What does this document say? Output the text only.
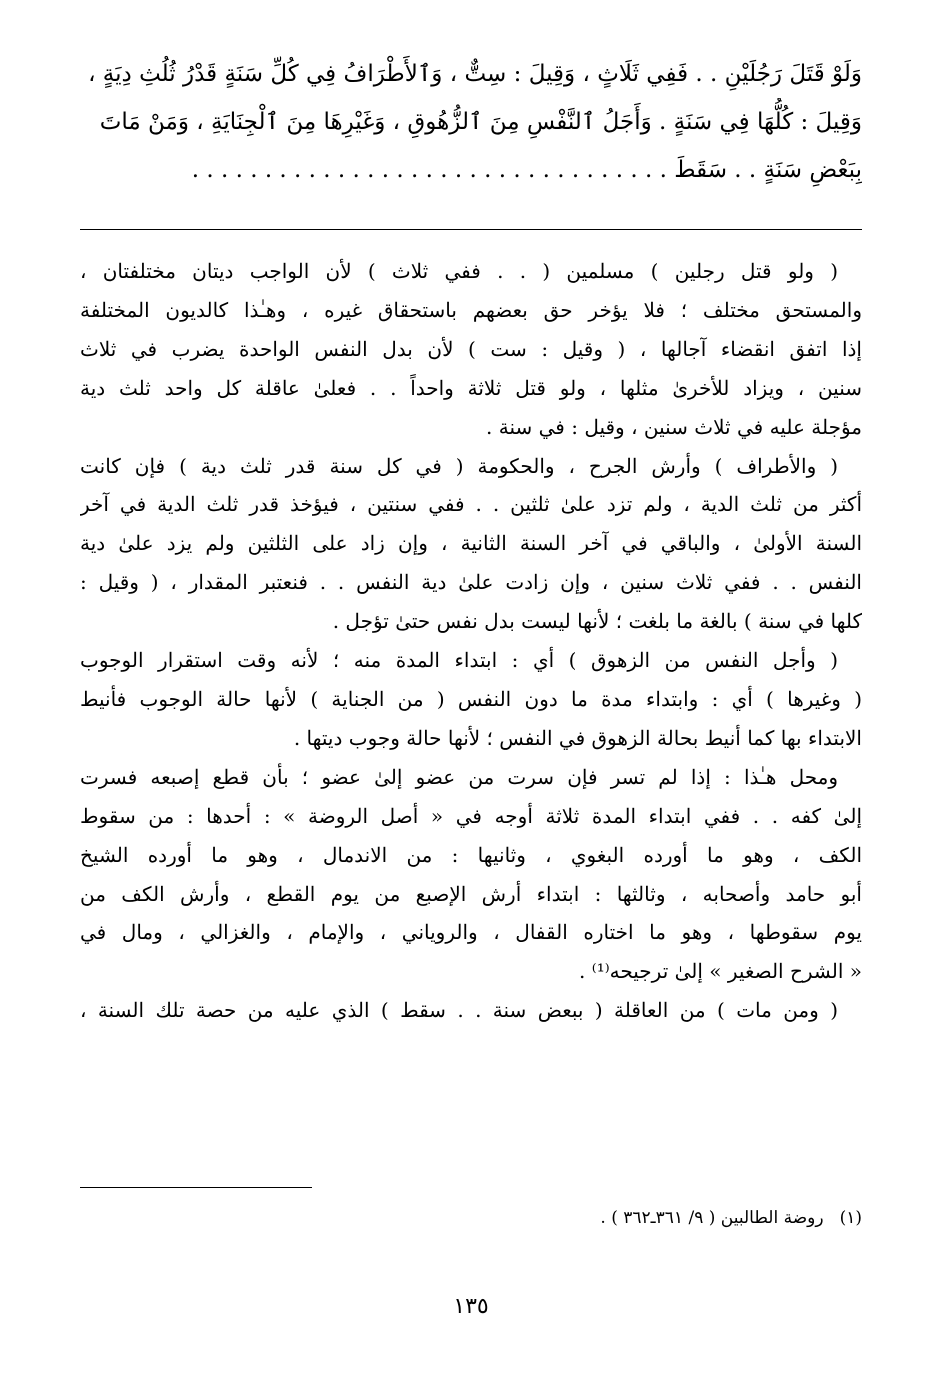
وَلَوْ قَتَلَ رَجُلَيْنِ . . فَفِي ثَلَاثٍ ، وَقِيلَ : سِتٌّ ، وَٱلأَطْرَافُ فِي كُلِّ سَنَةٍ قَدْرُ ثُلُثِ دِيَةٍ ،

وَقِيلَ : كُلُّهَا فِي سَنَةٍ . وَأَجَلُ ٱلنَّفْسِ مِنَ ٱلزُّهُوقِ ، وَغَيْرِهَا مِنَ ٱلْجِنَايَةِ ، وَمَنْ مَاتَ

بِبَعْضِ سَنَةٍ . . سَقَطَ . . . . . . . . . . . . . . . . . . . . . . . . . . . . . . . . .

( ولو قتل رجلين ) مسلمين ( . . ففي ثلاث ) لأن الواجب ديتان مختلفتان ،
والمستحق مختلف ؛ فلا يؤخر حق بعضهم باستحقاق غيره ، وهـٰذا كالديون المختلفة
إذا اتفق انقضاء آجالها ، ( وقيل : ست ) لأن بدل النفس الواحدة يضرب في ثلاث
سنين ، ويزاد للأخرىٰ مثلها ، ولو قتل ثلاثة واحداً . . فعلىٰ عاقلة كل واحد ثلث دية
مؤجلة عليه في ثلاث سنين ، وقيل : في سنة .
( والأطراف ) وأرش الجرح ، والحكومة ( في كل سنة قدر ثلث دية ) فإن كانت
أكثر من ثلث الدية ، ولم تزد علىٰ ثلثين . . ففي سنتين ، فيؤخذ قدر ثلث الدية في آخر
السنة الأولىٰ ، والباقي في آخر السنة الثانية ، وإن زاد على الثلثين ولم يزد علىٰ دية
النفس . . ففي ثلاث سنين ، وإن زادت علىٰ دية النفس . . فنعتبر المقدار ، ( وقيل :
كلها في سنة ) بالغة ما بلغت ؛ لأنها ليست بدل نفس حتىٰ تؤجل .
( وأجل النفس من الزهوق ) أي : ابتداء المدة منه ؛ لأنه وقت استقرار الوجوب
( وغيرها ) أي : وابتداء مدة ما دون النفس ( من الجناية ) لأنها حالة الوجوب فأنيط
الابتداء بها كما أنيط بحالة الزهوق في النفس ؛ لأنها حالة وجوب ديتها .
ومحل هـٰذا : إذا لم تسر فإن سرت من عضو إلىٰ عضو ؛ بأن قطع إصبعه فسرت
إلىٰ كفه . . ففي ابتداء المدة ثلاثة أوجه في « أصل الروضة » : أحدها : من سقوط
الكف ، وهو ما أورده البغوي ، وثانيها : من الاندمال ، وهو ما أورده الشيخ
أبو حامد وأصحابه ، وثالثها : ابتداء أرش الإصبع من يوم القطع ، وأرش الكف من
يوم سقوطها ، وهو ما اختاره القفال ، والروياني ، والإمام ، والغزالي ، ومال في
« الشرح الصغير » إلىٰ ترجيحه⁽¹⁾ .
( ومن مات ) من العاقلة ( ببعض سنة . . سقط ) الذي عليه من حصة تلك السنة ،
(١)روضة الطالبين ( ٩/ ٣٦١ـ٣٦٢ ) .
١٣٥
